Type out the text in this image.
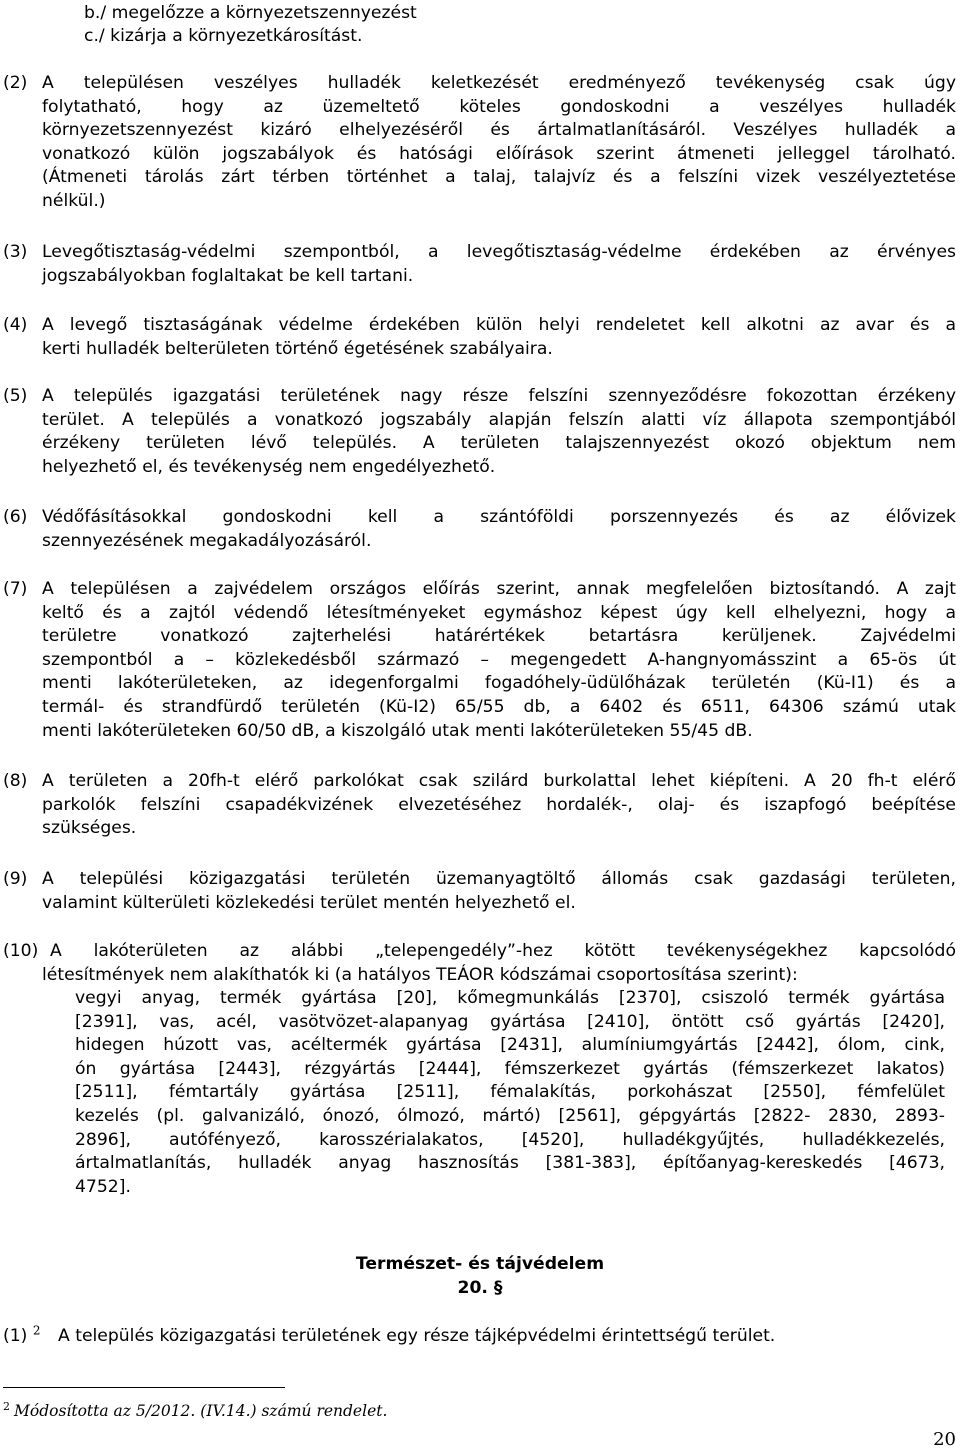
b./ megelőzze a környezetszennyezést
c./ kizárja a környezetkárosítást.
(2) A településen veszélyes hulladék keletkezését eredményező tevékenység csak úgy
folytatható, hogy az üzemeltető köteles gondoskodni a veszélyes hulladék
környezetszennyezést kizáró elhelyezéséről és ártalmatlanításáról. Veszélyes hulladék a
vonatkozó külön jogszabályok és hatósági előírások szerint átmeneti jelleggel tárolható.
(Átmeneti tárolás zárt térben történhet a talaj, talajvíz és a felszíni vizek veszélyeztetése
nélkül.)
(3) Levegőtisztaság-védelmi szempontból, a levegőtisztaság-védelme érdekében az érvényes
jogszabályokban foglaltakat be kell tartani.
(4) A levegő tisztaságának védelme érdekében külön helyi rendeletet kell alkotni az avar és a
kerti hulladék belterületen történő égetésének szabályaira.
(5) A település igazgatási területének nagy része felszíni szennyeződésre fokozottan érzékeny
terület. A település a vonatkozó jogszabály alapján felszín alatti víz állapota szempontjából
érzékeny területen lévő település. A területen talajszennyezést okozó objektum nem
helyezhető el, és tevékenység nem engedélyezhető.
(6) Védőfásításokkal gondoskodni kell a szántóföldi porszennyezés és az élővizek
szennyezésének megakadályozásáról.
(7) A településen a zajvédelem országos előírás szerint, annak megfelelően biztosítandó. A zajt
keltő és a zajtól védendő létesítményeket egymáshoz képest úgy kell elhelyezni, hogy a
területre vonatkozó zajterhelési határértékek betartásra kerüljenek. Zajvédelmi
szempontból a – közlekedésből származó – megengedett A-hangnyomásszint a 65-ös út
menti lakóterületeken, az idegenforgalmi fogadóhely-üdülőházak területén (Kü-I1) és a
termál- és strandfürdő területén (Kü-I2) 65/55 db, a 6402 és 6511, 64306 számú utak
menti lakóterületeken 60/50 dB, a kiszolgáló utak menti lakóterületeken 55/45 dB.
(8) A területen a 20fh-t elérő parkolókat csak szilárd burkolattal lehet kiépíteni. A 20 fh-t elérő
parkolók felszíni csapadékvizének elvezetéséhez hordalék-, olaj- és iszapfogó beépítése
szükséges.
(9) A települési közigazgatási területén üzemanyagtöltő állomás csak gazdasági területen,
valamint külterületi közlekedési terület mentén helyezhető el.
(10) A lakóterületen az alábbi „telepengedély”-hez kötött tevékenységekhez kapcsolódó
létesítmények nem alakíthatók ki (a hatályos TEÁOR kódszámai csoportosítása szerint):
vegyi anyag, termék gyártása [20], kőmegmunkálás [2370], csiszoló termék gyártása
[2391], vas, acél, vasötvözet-alapanyag gyártása [2410], öntött cső gyártás [2420],
hidegen húzott vas, acéltermék gyártása [2431], alumíniumgyártás [2442], ólom, cink,
ón gyártása [2443], rézgyártás [2444], fémszerkezet gyártás (fémszerkezet lakatos)
[2511], fémtartály gyártása [2511], fémalakítás, porkohászat [2550], fémfelület
kezelés (pl. galvanizáló, ónozó, ólmozó, mártó) [2561], gépgyártás [2822- 2830, 2893-
2896], autófényező, karosszérialakatos, [4520], hulladékgyűjtés, hulladékkezelés,
ártalmatlanítás, hulladék anyag hasznosítás [381-383], építőanyag-kereskedés [4673,
4752].
Természet- és tájvédelem
20. §
(1) $^2$ A település közigazgatási területének egy része tájképvédelmi érintettségű terület.
$^2$ Módosította az 5/2012. (IV.14.) számú rendelet.
20
